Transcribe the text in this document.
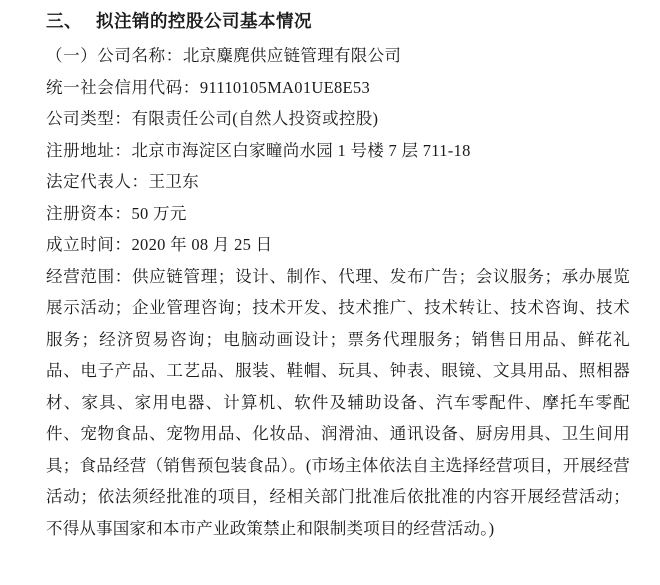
三、 拟注销的控股公司基本情况

（一）公司名称：北京麋麂供应链管理有限公司

统一社会信用代码：91110105MA01UE8E53

公司类型：有限责任公司(自然人投资或控股)

注册地址：北京市海淀区白家疃尚水园 1 号楼 7 层 711-18

法定代表人：王卫东

注册资本：50 万元

成立时间：2020 年 08 月 25 日

经营范围：供应链管理；设计、制作、代理、发布广告；会议服务；承办展览展示活动；企业管理咨询；技术开发、技术推广、技术转让、技术咨询、技术服务；经济贸易咨询；电脑动画设计；票务代理服务；销售日用品、鲜花礼品、电子产品、工艺品、服装、鞋帽、玩具、钟表、眼镜、文具用品、照相器材、家具、家用电器、计算机、软件及辅助设备、汽车零配件、摩托车零配件、宠物食品、宠物用品、化妆品、润滑油、通讯设备、厨房用具、卫生间用具；食品经营（销售预包装食品）。(市场主体依法自主选择经营项目，开展经营活动；依法须经批准的项目，经相关部门批准后依批准的内容开展经营活动；不得从事国家和本市产业政策禁止和限制类项目的经营活动。)
